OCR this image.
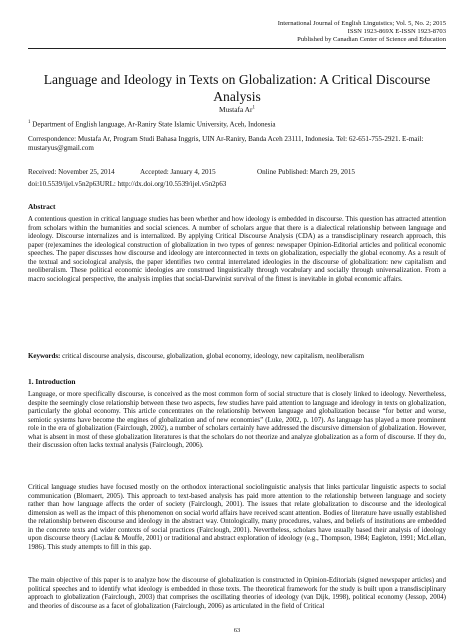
International Journal of English Linguistics; Vol. 5, No. 2; 2015
ISSN 1923-869X E-ISSN 1923-8703
Published by Canadian Center of Science and Education
Language and Ideology in Texts on Globalization: A Critical Discourse Analysis
Mustafa Ar$^1$
$^1$ Department of English language, Ar-Raniry State Islamic University, Aceh, Indonesia
Correspondence: Mustafa Ar, Program Studi Bahasa Inggris, UIN Ar-Raniry, Banda Aceh 23111, Indonesia. Tel: 62-651-755-2921. E-mail: mustaryus@gmail.com
Received: November 25, 2014	Accepted: January 4, 2015	Online Published: March 29, 2015
doi:10.5539/ijel.v5n2p63URL: http://dx.doi.org/10.5539/ijel.v5n2p63
Abstract

A contentious question in critical language studies has been whether and how ideology is embedded in discourse. This question has attracted attention from scholars within the humanities and social sciences. A number of scholars argue that there is a dialectical relationship between language and ideology. Discourse internalizes and is internalized. By applying Critical Discourse Analysis (CDA) as a transdisciplinary research approach, this paper (re)examines the ideological construction of globalization in two types of genres: newspaper Opinion-Editorial articles and political economic speeches. The paper discusses how discourse and ideology are interconnected in texts on globalization, especially the global economy. As a result of the textual and sociological analysis, the paper identifies two central interrelated ideologies in the discourse of globalization: new capitalism and neoliberalism. These political economic ideologies are construed linguistically through vocabulary and socially through universalization. From a macro sociological perspective, the analysis implies that social-Darwinist survival of the fittest is inevitable in global economic affairs.

Keywords: critical discourse analysis, discourse, globalization, global economy, ideology, new capitalism, neoliberalism

1. Introduction

Language, or more specifically discourse, is conceived as the most common form of social structure that is closely linked to ideology. Nevertheless, despite the seemingly close relationship between these two aspects, few studies have paid attention to language and ideology in texts on globalization, particularly the global economy. This article concentrates on the relationship between language and globalization because “for better and worse, semiotic systems have become the engines of globalization and of new economies” (Luke, 2002, p. 107). As language has played a more prominent role in the era of globalization (Fairclough, 2002), a number of scholars certainly have addressed the discursive dimension of globalization. However, what is absent in most of these globalization literatures is that the scholars do not theorize and analyze globalization as a form of discourse. If they do, their discussion often lacks textual analysis (Fairclough, 2006).

Critical language studies have focused mostly on the orthodox interactional sociolinguistic analysis that links particular linguistic aspects to social communication (Blomaert, 2005). This approach to text-based analysis has paid more attention to the relationship between language and society rather than how language affects the order of society (Fairclough, 2001). The issues that relate globalization to discourse and the ideological dimension as well as the impact of this phenomenon on social world affairs have received scant attention. Bodies of literature have usually established the relationship between discourse and ideology in the abstract way. Ontologically, many procedures, values, and beliefs of institutions are embedded in the concrete texts and wider contexts of social practices (Fairclough, 2001). Nevertheless, scholars have usually based their analysis of ideology upon discourse theory (Laclau & Mouffe, 2001) or traditional and abstract exploration of ideology (e.g., Thompson, 1984; Eagleton, 1991; McLellan, 1986). This study attempts to fill in this gap.

The main objective of this paper is to analyze how the discourse of globalization is constructed in Opinion-Editorials (signed newspaper articles) and political speeches and to identify what ideology is embedded in those texts. The theoretical framework for the study is built upon a transdisciplinary approach to globalization (Fairclough, 2003) that comprises the oscillating theories of ideology (van Dijk, 1998), political economy (Jessop, 2004) and theories of discourse as a facet of globalization (Fairclough, 2006) as articulated in the field of Critical

63
